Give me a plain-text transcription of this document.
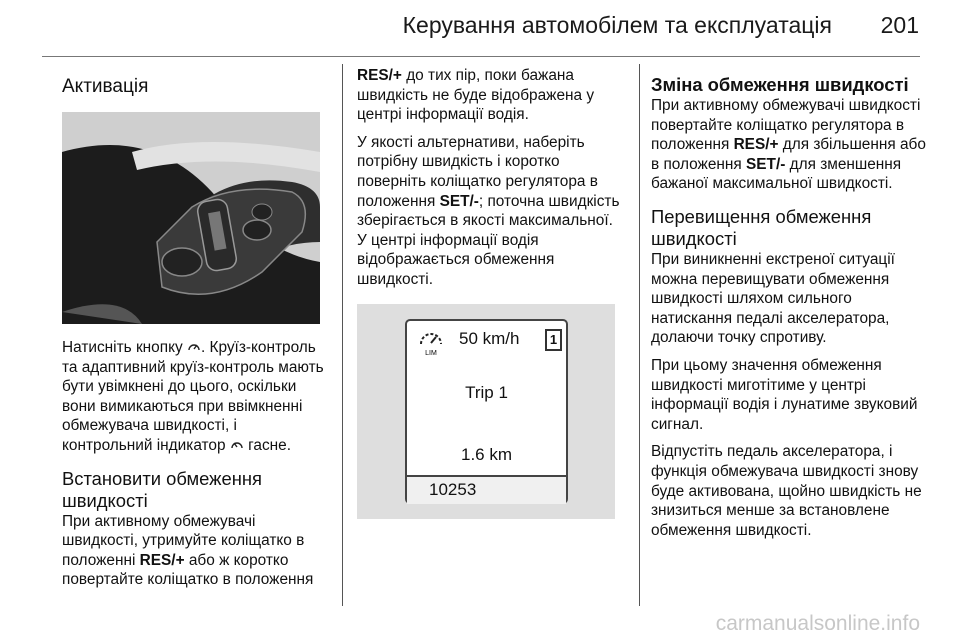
Керування автомобілем та експлуатація 201
Активація

Натисніть кнопку . Круїз-контроль та адаптивний круїз-контроль мають бути увімкнені до цього, оскільки вони вимикаються при ввімкненні обмежувача швидкості, і контрольний індикатор  гасне.

Встановити обмеження швидкості

При активному обмежувачі швидкості, утримуйте коліщатко в положенні RES/+ або ж коротко повертайте коліщатко в положення

RES/+ до тих пір, поки бажана швидкість не буде відображена у центрі інформації водія.

У якості альтернативи, наберіть потрібну швидкість і коротко поверніть коліщатко регулятора в положення SET/-; поточна швидкість зберігається в якості максимальної. У центрі інформації водія відображається обмеження швидкості.

LIM
50 km/h	1
Trip 1
1.6 km
10253
Зміна обмеження швидкості

При активному обмежувачі швидкості повертайте коліщатко регулятора в положення RES/+ для збільшення або в положення SET/- для зменшення бажаної максимальної швидкості.

Перевищення обмеження швидкості

При виникненні екстреної ситуації можна перевищувати обмеження швидкості шляхом сильного натискання педалі акселератора, долаючи точку спротиву.

При цьому значення обмеження швидкості миготітиме у центрі інформації водія і лунатиме звуковий сигнал.

Відпустіть педаль акселератора, і функція обмежувача швидкості знову буде активована, щойно швидкість не знизиться менше за встановлене обмеження швидкості.

carmanualsonline.info
